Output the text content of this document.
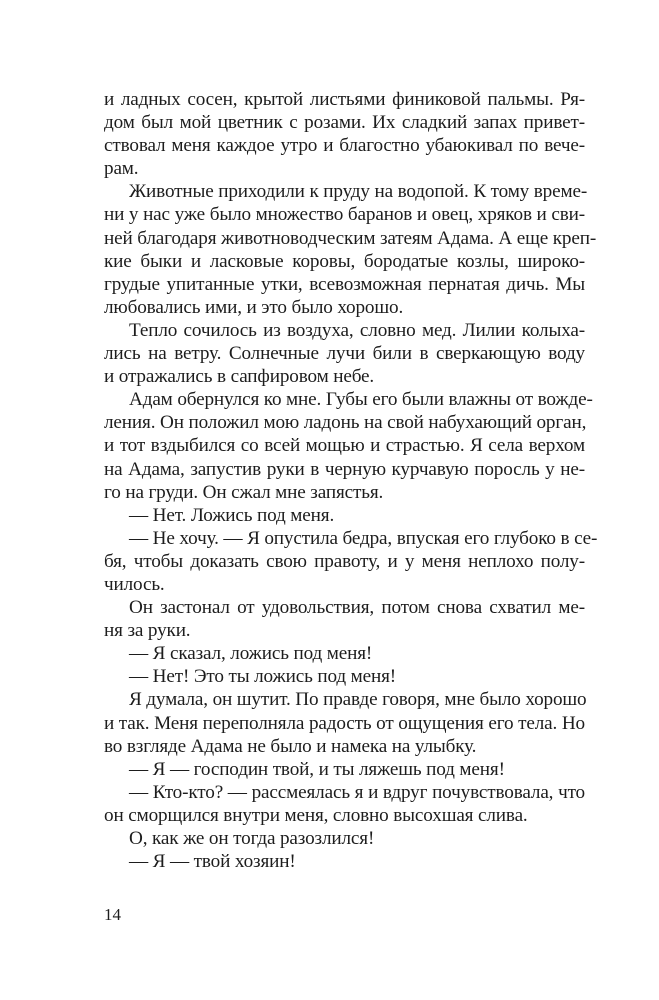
и ладных сосен, крытой листьями финиковой пальмы. Ря-
дом был мой цветник с розами. Их сладкий запах привет-
ствовал меня каждое утро и благостно убаюкивал по вече-
рам.
Животные приходили к пруду на водопой. К тому време-
ни у нас уже было множество баранов и овец, хряков и сви-
ней благодаря животноводческим затеям Адама. А еще креп-
кие быки и ласковые коровы, бородатые козлы, широко-
грудые упитанные утки, всевозможная пернатая дичь. Мы
любовались ими, и это было хорошо.
Тепло сочилось из воздуха, словно мед. Лилии колыха-
лись на ветру. Солнечные лучи били в сверкающую воду
и отражались в сапфировом небе.
Адам обернулся ко мне. Губы его были влажны от вожде-
ления. Он положил мою ладонь на свой набухающий орган,
и тот вздыбился со всей мощью и страстью. Я села верхом
на Адама, запустив руки в черную курчавую поросль у не-
го на груди. Он сжал мне запястья.
— Нет. Ложись под меня.
— Не хочу. — Я опустила бедра, впуская его глубоко в се-
бя, чтобы доказать свою правоту, и у меня неплохо полу-
чилось.
Он застонал от удовольствия, потом снова схватил ме-
ня за руки.
— Я сказал, ложись под меня!
— Нет! Это ты ложись под меня!
Я думала, он шутит. По правде говоря, мне было хорошо
и так. Меня переполняла радость от ощущения его тела. Но
во взгляде Адама не было и намека на улыбку.
— Я — господин твой, и ты ляжешь под меня!
— Кто-кто? — рассмеялась я и вдруг почувствовала, что
он сморщился внутри меня, словно высохшая слива.
О, как же он тогда разозлился!
— Я — твой хозяин!
14
